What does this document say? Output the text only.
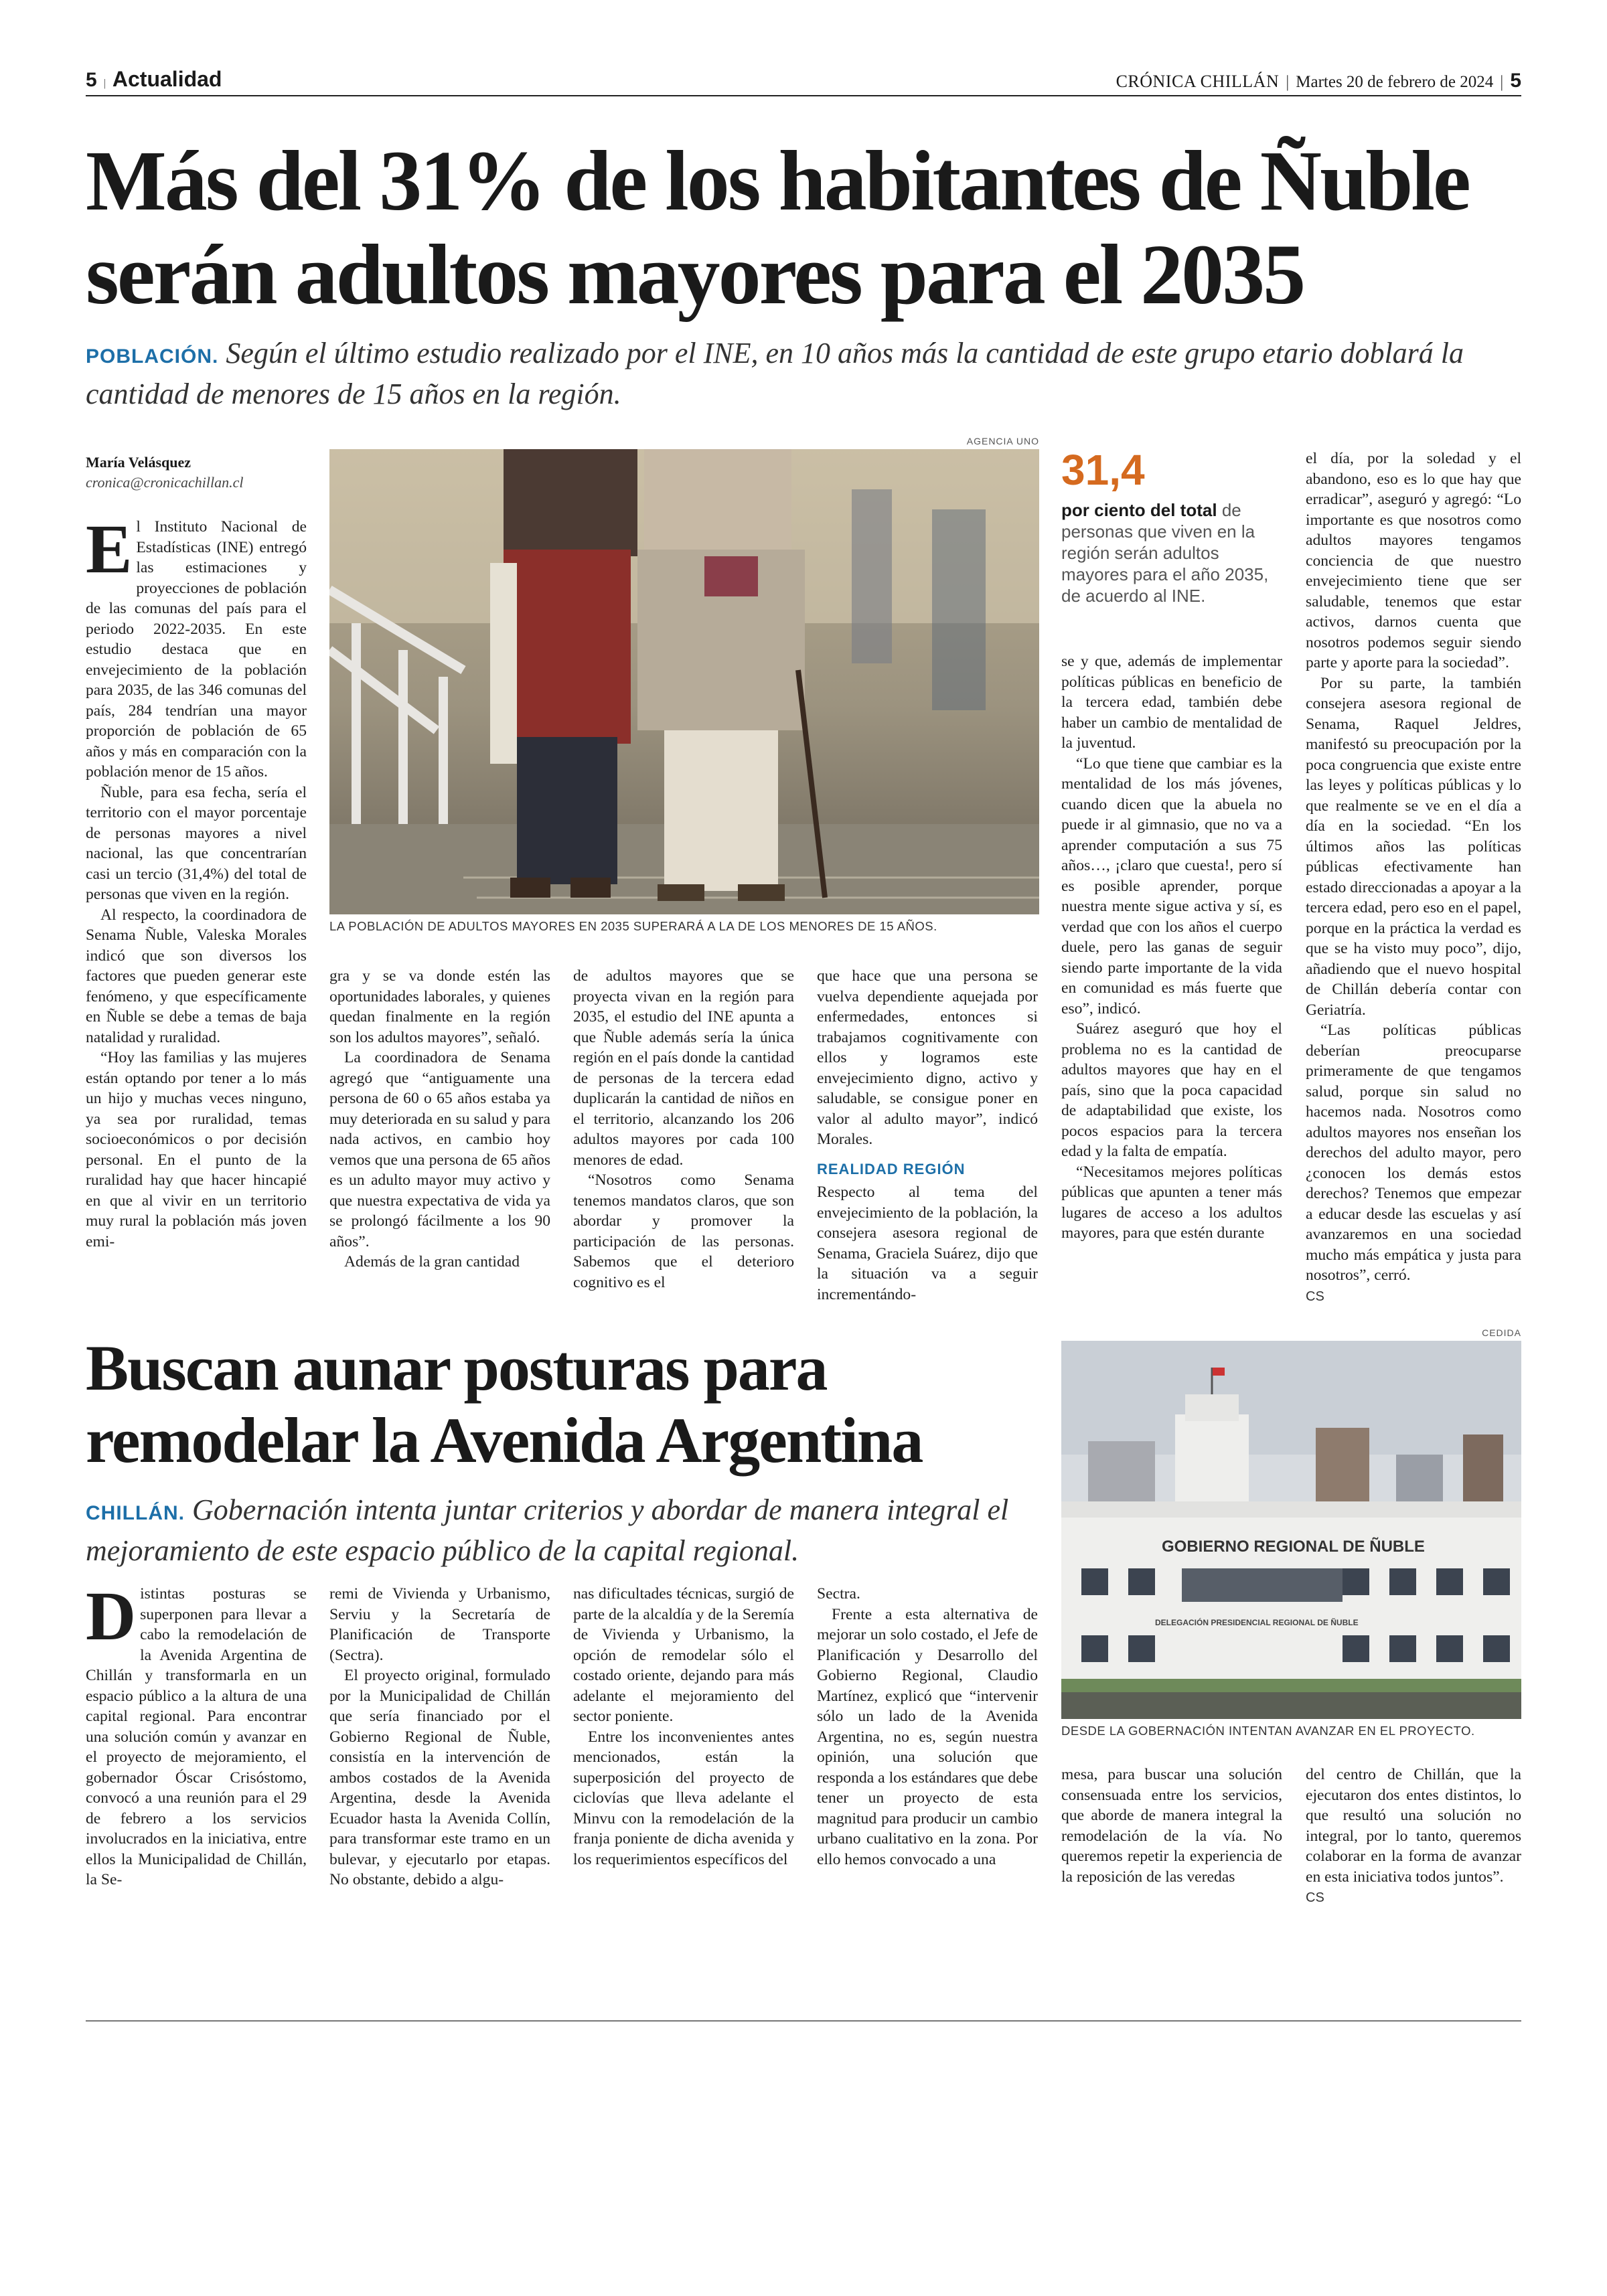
5 | Actualidad	CRÓNICA CHILLÁN | Martes 20 de febrero de 2024 | 5
Más del 31% de los habitantes de Ñuble
serán adultos mayores para el 2035
POBLACIÓN. Según el último estudio realizado por el INE, en 10 años más la cantidad de este grupo etario doblará la cantidad de menores de 15 años en la región.
María Velásquez
cronica@cronicachillan.cl
AGENCIA UNO
LA POBLACIÓN DE ADULTOS MAYORES EN 2035 SUPERARÁ A LA DE LOS MENORES DE 15 AÑOS.
31,4
por ciento del total de personas que viven en la región serán adultos mayores para el año 2035, de acuerdo al INE.

El Instituto Nacional de Estadísticas (INE) entregó las estimaciones y proyecciones de población de las comunas del país para el periodo 2022-2035. En este estudio destaca que en envejecimiento de la población para 2035, de las 346 comunas del país, 284 tendrían una mayor proporción de población de 65 años y más en comparación con la población menor de 15 años.

Ñuble, para esa fecha, sería el territorio con el mayor porcentaje de personas mayores a nivel nacional, las que concentrarían casi un tercio (31,4%) del total de personas que viven en la región.

Al respecto, la coordinadora de Senama Ñuble, Valeska Morales indicó que son diversos los factores que pueden generar este fenómeno, y que específicamente en Ñuble se debe a temas de baja natalidad y ruralidad.

“Hoy las familias y las mujeres están optando por tener a lo más un hijo y muchas veces ninguno, ya sea por ruralidad, temas socioeconómicos o por decisión personal. En el punto de la ruralidad hay que hacer hincapié en que al vivir en un territorio muy rural la población más joven emi-

gra y se va donde estén las oportunidades laborales, y quienes quedan finalmente en la región son los adultos mayores”, señaló.

La coordinadora de Senama agregó que “antiguamente una persona de 60 o 65 años estaba ya muy deteriorada en su salud y para nada activos, en cambio hoy vemos que una persona de 65 años es un adulto mayor muy activo y que nuestra expectativa de vida ya se prolongó fácilmente a los 90 años”.

Además de la gran cantidad

de adultos mayores que se proyecta vivan en la región para 2035, el estudio del INE apunta a que Ñuble además sería la única región en el país donde la cantidad de personas de la tercera edad duplicarán la cantidad de niños en el territorio, alcanzando los 206 adultos mayores por cada 100 menores de edad.

“Nosotros como Senama tenemos mandatos claros, que son abordar y promover la participación de las personas. Sabemos que el deterioro cognitivo es el

que hace que una persona se vuelva dependiente aquejada por enfermedades, entonces si trabajamos cognitivamente con ellos y logramos este envejecimiento digno, activo y saludable, se consigue poner en valor al adulto mayor”, indicó Morales.

REALIDAD REGIÓN

Respecto al tema del envejecimiento de la población, la consejera asesora regional de Senama, Graciela Suárez, dijo que la situación va a seguir incrementándo-

se y que, además de implementar políticas públicas en beneficio de la tercera edad, también debe haber un cambio de mentalidad de la juventud.

“Lo que tiene que cambiar es la mentalidad de los más jóvenes, cuando dicen que la abuela no puede ir al gimnasio, que no va a aprender computación a sus 75 años…, ¡claro que cuesta!, pero sí es posible aprender, porque nuestra mente sigue activa y sí, es verdad que con los años el cuerpo duele, pero las ganas de seguir siendo parte importante de la vida en comunidad es más fuerte que eso”, indicó.

Suárez aseguró que hoy el problema no es la cantidad de adultos mayores que hay en el país, sino que la poca capacidad de adaptabilidad que existe, los pocos espacios para la tercera edad y la falta de empatía.

“Necesitamos mejores políticas públicas que apunten a tener más lugares de acceso a los adultos mayores, para que estén durante

el día, por la soledad y el abandono, eso es lo que hay que erradicar”, aseguró y agregó: “Lo importante es que nosotros como adultos mayores tengamos conciencia de que nuestro envejecimiento tiene que ser saludable, tenemos que estar activos, darnos cuenta que nosotros podemos seguir siendo parte y aporte para la sociedad”.

Por su parte, la también consejera asesora regional de Senama, Raquel Jeldres, manifestó su preocupación por la poca congruencia que existe entre las leyes y políticas públicas y lo que realmente se ve en el día a día en la sociedad. “En los últimos años las políticas públicas efectivamente han estado direccionadas a apoyar a la tercera edad, pero eso en el papel, porque en la práctica la verdad es que se ha visto muy poco”, dijo, añadiendo que el nuevo hospital de Chillán debería contar con Geriatría.

“Las políticas públicas deberían preocuparse primeramente de que tengamos salud, porque sin salud no hacemos nada. Nosotros como adultos mayores nos enseñan los derechos del adulto mayor, pero ¿conocen los demás estos derechos? Tenemos que empezar a educar desde las escuelas y así avanzaremos en una sociedad mucho más empática y justa para nosotros”, cerró.

CS
Buscan aunar posturas para
remodelar la Avenida Argentina
CHILLÁN. Gobernación intenta juntar criterios y abordar de manera integral el mejoramiento de este espacio público de la capital regional.
CEDIDA
GOBIERNO REGIONAL DE ÑUBLE
DELEGACIÓN PRESIDENCIAL REGIONAL DE ÑUBLE
DESDE LA GOBERNACIÓN INTENTAN AVANZAR EN EL PROYECTO.

Distintas posturas se superponen para llevar a cabo la remodelación de la Avenida Argentina de Chillán y transformarla en un espacio público a la altura de una capital regional. Para encontrar una solución común y avanzar en el proyecto de mejoramiento, el gobernador Óscar Crisóstomo, convocó a una reunión para el 29 de febrero a los servicios involucrados en la iniciativa, entre ellos la Municipalidad de Chillán, la Se-

remi de Vivienda y Urbanismo, Serviu y la Secretaría de Planificación de Transporte (Sectra).

El proyecto original, formulado por la Municipalidad de Chillán que sería financiado por el Gobierno Regional de Ñuble, consistía en la intervención de ambos costados de la Avenida Argentina, desde la Avenida Ecuador hasta la Avenida Collín, para transformar este tramo en un bulevar, y ejecutarlo por etapas. No obstante, debido a algu-

nas dificultades técnicas, surgió de parte de la alcaldía y de la Seremía de Vivienda y Urbanismo, la opción de remodelar sólo el costado oriente, dejando para más adelante el mejoramiento del sector poniente.

Entre los inconvenientes antes mencionados, están la superposición del proyecto de ciclovías que lleva adelante el Minvu con la remodelación de la franja poniente de dicha avenida y los requerimientos específicos del

Sectra.

Frente a esta alternativa de mejorar un solo costado, el Jefe de Planificación y Desarrollo del Gobierno Regional, Claudio Martínez, explicó que “intervenir sólo un lado de la Avenida Argentina, no es, según nuestra opinión, una solución que responda a los estándares que debe tener un proyecto de esta magnitud para producir un cambio urbano cualitativo en la zona. Por ello hemos convocado a una

mesa, para buscar una solución consensuada entre los servicios, que aborde de manera integral la remodelación de la vía. No queremos repetir la experiencia de la reposición de las veredas

del centro de Chillán, que la ejecutaron dos entes distintos, lo que resultó una solución no integral, por lo tanto, queremos colaborar en la forma de avanzar en esta iniciativa todos juntos”.

CS
